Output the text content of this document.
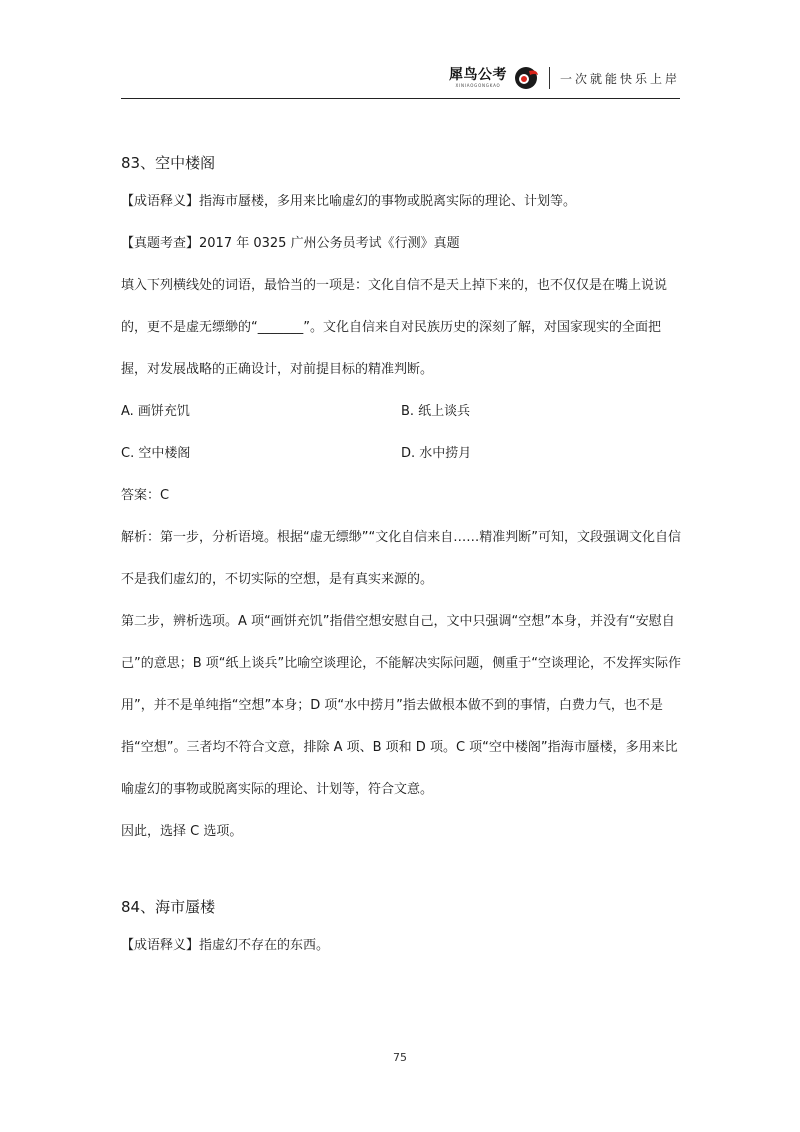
犀鸟公考
XINIAOGONGKAO	一次就能快乐上岸
83、空中楼阁

【成语释义】指海市蜃楼，多用来比喻虚幻的事物或脱离实际的理论、计划等。

【真题考查】2017 年 0325 广州公务员考试《行测》真题

填入下列横线处的词语，最恰当的一项是：文化自信不是天上掉下来的，也不仅仅是在嘴上说说的，更不是虚无缥缈的“_______”。文化自信来自对民族历史的深刻了解，对国家现实的全面把握，对发展战略的正确设计，对前提目标的精准判断。

A. 画饼充饥	B. 纸上谈兵
C. 空中楼阁	D. 水中捞月

答案：C

解析：第一步，分析语境。根据“虚无缥缈”“文化自信来自……精准判断”可知，文段强调文化自信不是我们虚幻的，不切实际的空想，是有真实来源的。

第二步，辨析选项。A 项“画饼充饥”指借空想安慰自己，文中只强调“空想”本身，并没有“安慰自己”的意思；B 项“纸上谈兵”比喻空谈理论，不能解决实际问题，侧重于“空谈理论，不发挥实际作用”，并不是单纯指“空想”本身；D 项“水中捞月”指去做根本做不到的事情，白费力气，也不是指“空想”。三者均不符合文意，排除 A 项、B 项和 D 项。C 项“空中楼阁”指海市蜃楼，多用来比喻虚幻的事物或脱离实际的理论、计划等，符合文意。

因此，选择 C 选项。

84、海市蜃楼

【成语释义】指虚幻不存在的东西。

75
